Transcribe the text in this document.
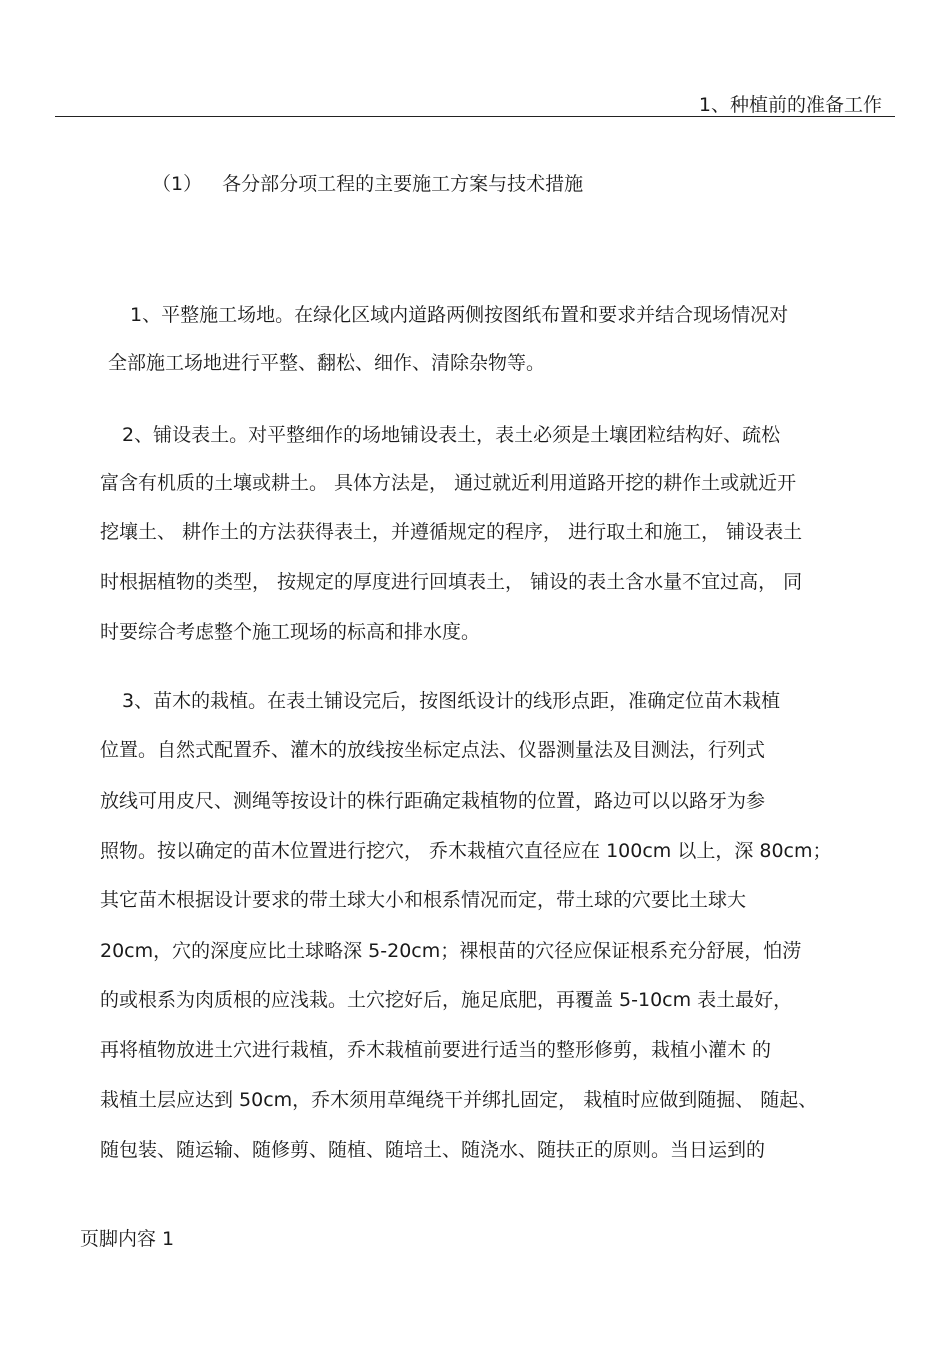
1、种植前的准备工作
（1） 各分部分项工程的主要施工方案与技术措施
1、平整施工场地。在绿化区域内道路两侧按图纸布置和要求并结合现场情况对
全部施工场地进行平整、翻松、细作、清除杂物等。
2、铺设表土。对平整细作的场地铺设表土，表土必须是土壤团粒结构好、疏松
富含有机质的土壤或耕土。 具体方法是， 通过就近利用道路开挖的耕作土或就近开
挖壤土、 耕作土的方法获得表土，并遵循规定的程序， 进行取土和施工， 铺设表土
时根据植物的类型， 按规定的厚度进行回填表土， 铺设的表土含水量不宜过高， 同
时要综合考虑整个施工现场的标高和排水度。
3、苗木的栽植。在表土铺设完后，按图纸设计的线形点距，准确定位苗木栽植
位置。自然式配置乔、灌木的放线按坐标定点法、仪器测量法及目测法，行列式
放线可用皮尺、测绳等按设计的株行距确定栽植物的位置，路边可以以路牙为参
照物。按以确定的苗木位置进行挖穴， 乔木栽植穴直径应在 100cm 以上，深 80cm；
其它苗木根据设计要求的带土球大小和根系情况而定，带土球的穴要比土球大
20cm，穴的深度应比土球略深 5-20cm；裸根苗的穴径应保证根系充分舒展，怕涝
的或根系为肉质根的应浅栽。土穴挖好后，施足底肥，再覆盖 5-10cm 表土最好，
再将植物放进土穴进行栽植，乔木栽植前要进行适当的整形修剪，栽植小灌木 的
栽植土层应达到 50cm，乔木须用草绳绕干并绑扎固定， 栽植时应做到随掘、 随起、
随包装、随运输、随修剪、随植、随培土、随浇水、随扶正的原则。当日运到的
页脚内容 1
